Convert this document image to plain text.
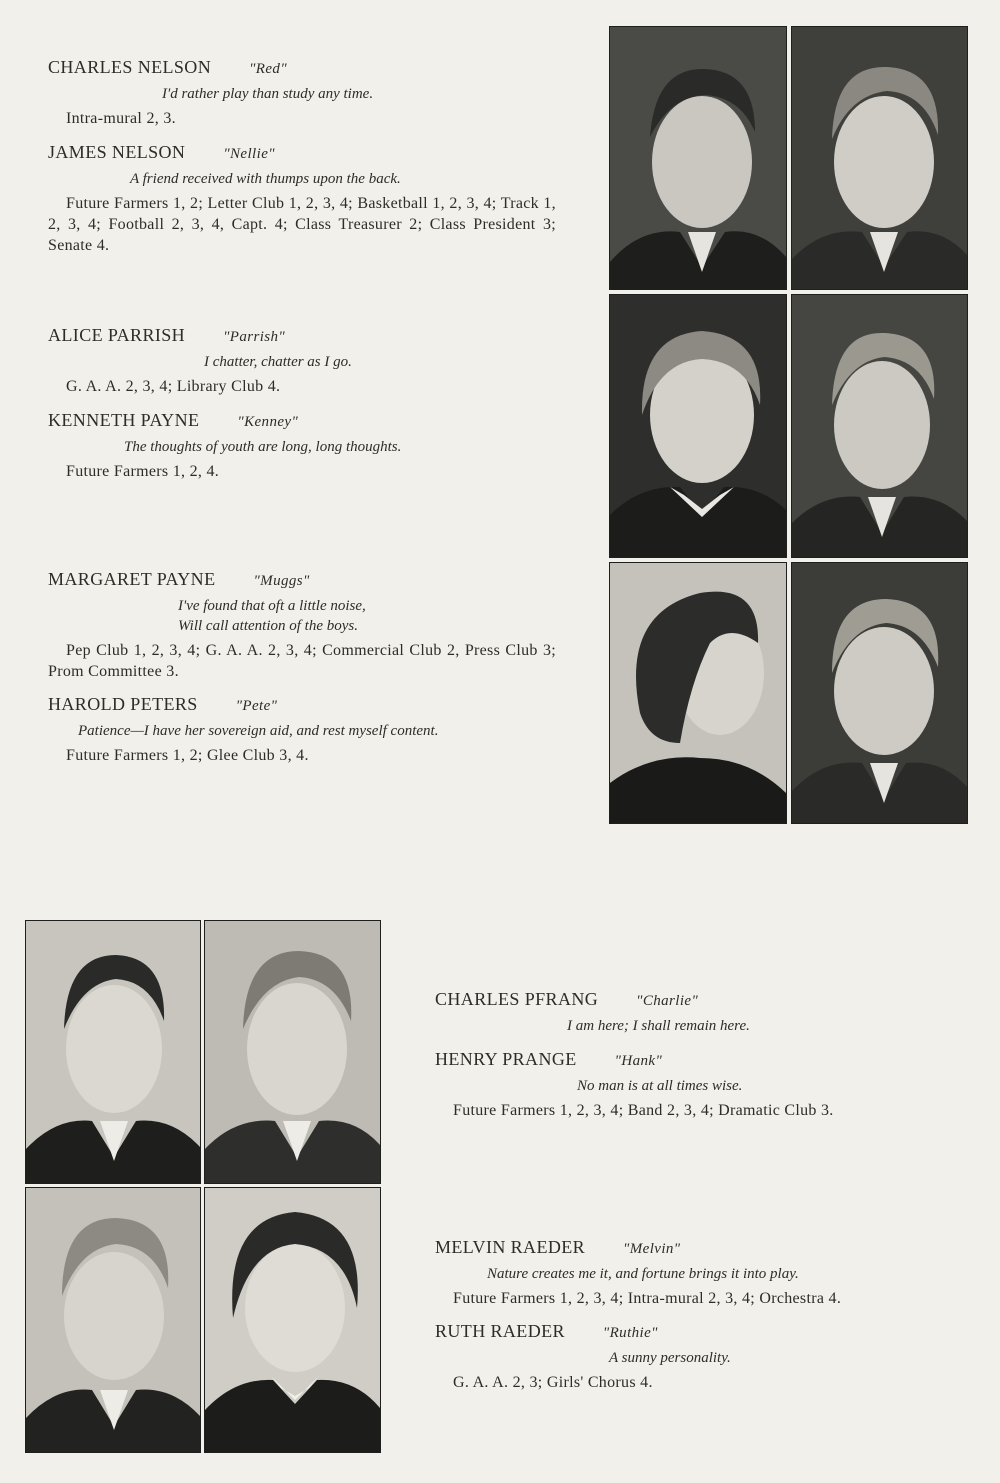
CHARLES NELSON	"Red"
I'd rather play than study any time.
Intra-mural 2, 3.
JAMES NELSON	"Nellie"
A friend received with thumps upon the back.
Future Farmers 1, 2; Letter Club 1, 2, 3, 4; Basketball 1, 2, 3, 4; Track 1, 2, 3, 4; Football 2, 3, 4, Capt. 4; Class Treasurer 2; Class President 3; Senate 4.
ALICE PARRISH	"Parrish"
I chatter, chatter as I go.
G. A. A. 2, 3, 4; Library Club 4.
KENNETH PAYNE	"Kenney"
The thoughts of youth are long, long thoughts.
Future Farmers 1, 2, 4.
MARGARET PAYNE	"Muggs"
I've found that oft a little noise,
Will call attention of the boys.
Pep Club 1, 2, 3, 4; G. A. A. 2, 3, 4; Commercial Club 2, Press Club 3; Prom Committee 3.
HAROLD PETERS	"Pete"
Patience—I have her sovereign aid, and rest myself content.
Future Farmers 1, 2; Glee Club 3, 4.
CHARLES PFRANG	"Charlie"
I am here; I shall remain here.
HENRY PRANGE	"Hank"
No man is at all times wise.
Future Farmers 1, 2, 3, 4; Band 2, 3, 4; Dramatic Club 3.
MELVIN RAEDER	"Melvin"
Nature creates me it, and fortune brings it into play.
Future Farmers 1, 2, 3, 4; Intra-mural 2, 3, 4; Orchestra 4.
RUTH RAEDER	"Ruthie"
A sunny personality.
G. A. A. 2, 3; Girls' Chorus 4.
